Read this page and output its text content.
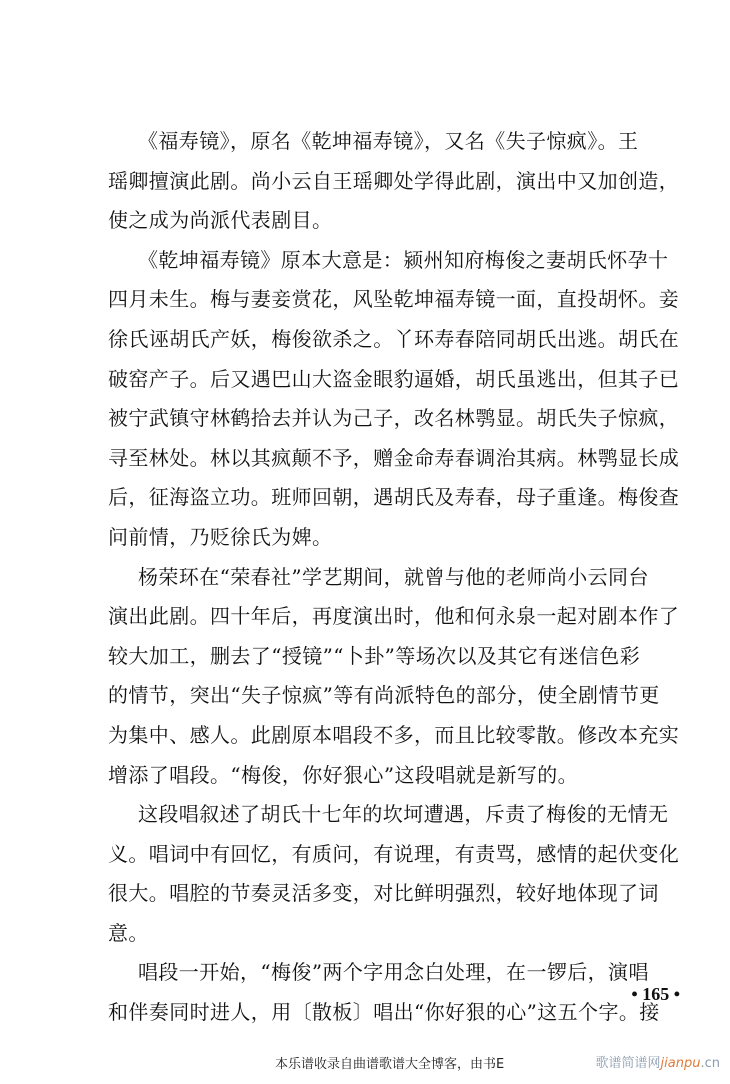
《福寿镜》，原名《乾坤福寿镜》，又名《失子惊疯》。王
瑶卿擅演此剧。尚小云自王瑶卿处学得此剧，演出中又加创造，
使之成为尚派代表剧目。
《乾坤福寿镜》原本大意是：颍州知府梅俊之妻胡氏怀孕十
四月未生。梅与妻妾赏花，风坠乾坤福寿镜一面，直投胡怀。妾
徐氏诬胡氏产妖，梅俊欲杀之。丫环寿春陪同胡氏出逃。胡氏在
破窑产子。后又遇巴山大盗金眼豹逼婚，胡氏虽逃出，但其子已
被宁武镇守林鹤拾去并认为己子，改名林鹗显。胡氏失子惊疯，
寻至林处。林以其疯颠不予，赠金命寿春调治其病。林鹗显长成
后，征海盗立功。班师回朝，遇胡氏及寿春，母子重逢。梅俊查
问前情，乃贬徐氏为婢。
杨荣环在“荣春社”学艺期间，就曾与他的老师尚小云同台
演出此剧。四十年后，再度演出时，他和何永泉一起对剧本作了
较大加工，删去了“授镜”“卜卦”等场次以及其它有迷信色彩
的情节，突出“失子惊疯”等有尚派特色的部分，使全剧情节更
为集中、感人。此剧原本唱段不多，而且比较零散。修改本充实
增添了唱段。“梅俊，你好狠心”这段唱就是新写的。
这段唱叙述了胡氏十七年的坎坷遭遇，斥责了梅俊的无情无
义。唱词中有回忆，有质问，有说理，有责骂，感情的起伏变化
很大。唱腔的节奏灵活多变，对比鲜明强烈，较好地体现了词
意。
唱段一开始，“梅俊”两个字用念白处理，在一锣后，演唱
和伴奏同时进人，用〔散板〕唱出“你好狠的心”这五个字。接
• 165 •
本乐谱收录自曲谱歌谱大全博客，由书E	歌谱简谱网jianpu.cn
